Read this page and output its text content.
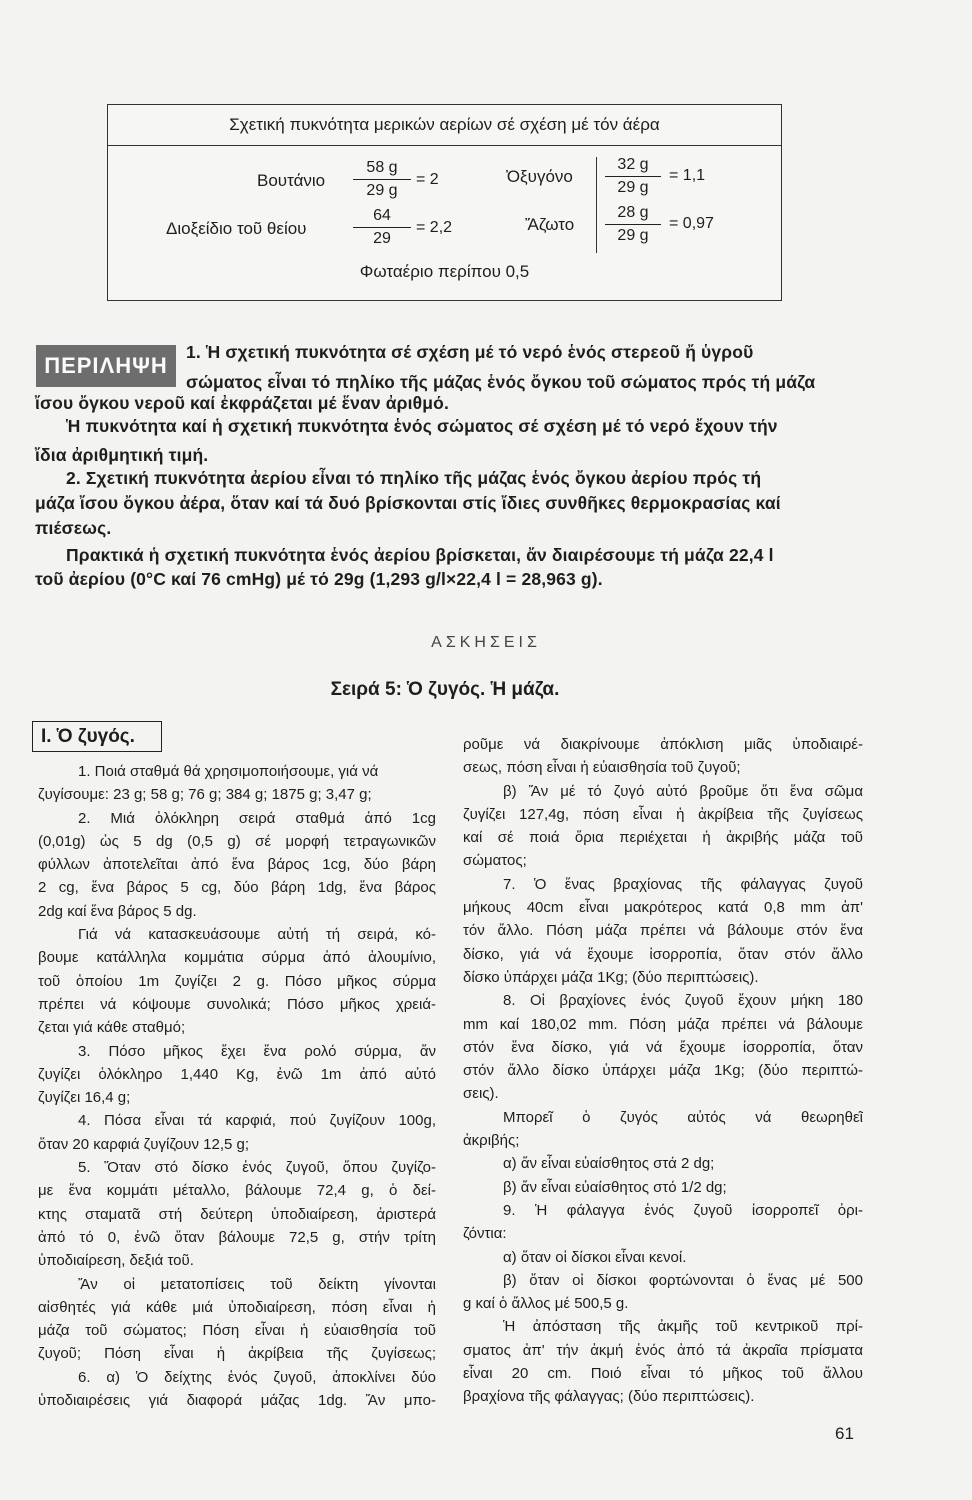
Σχετική πυκνότητα μερικών αερίων σέ σχέση μέ τόν άέρα
Βουτάνιο $\frac{58 g}{29 g} = 2$
Διοξείδιο τοῦ θείου	$\frac{64}{29} = 2,2$
Ὀξυγόνο $\frac{32 g}{29 g} = 1,1$
Ἄζωτο $\frac{28 g}{29 g} = 0,97$
Φωταέριο περίπου 0,5
ΠΕΡΙΛΗΨΗ
1. Ἡ σχετική πυκνότητα σέ σχέση μέ τό νερό ἑνός στερεοῦ ἤ ὑγροῦ
σώματος εἶναι τό πηλίκο τῆς μάζας ἑνός ὄγκου τοῦ σώματος πρός τή μάζα
ἴσου ὄγκου νεροῦ καί ἐκφράζεται μέ ἕναν ἀριθμό.
Ἡ πυκνότητα καί ἡ σχετική πυκνότητα ἑνός σώματος σέ σχέση μέ τό νερό ἔχουν τήν
ἴδια ἀριθμητική τιμή.
2. Σχετική πυκνότητα ἀερίου εἶναι τό πηλίκο τῆς μάζας ἑνός ὄγκου ἀερίου πρός τή
μάζα ἴσου ὄγκου ἀέρα, ὅταν καί τά δυό βρίσκονται στίς ἴδιες συνθῆκες θερμοκρασίας καί
πιέσεως.
Πρακτικά ἡ σχετική πυκνότητα ἑνός ἀερίου βρίσκεται, ἄν διαιρέσουμε τή μάζα 22,4 l
τοῦ ἀερίου (0°C καί 76 cmHg) μέ τό 29g (1,293 g/l×22,4 l = 28,963 g).
ΑΣΚΗΣΕΙΣ
Σειρά 5: Ὁ ζυγός. Ἡ μάζα.
Ι. Ὁ ζυγός.
1. Ποιά σταθμά θά χρησιμοποιήσουμε, γιά νά
ζυγίσουμε: 23 g; 58 g; 76 g; 384 g; 1875 g; 3,47 g;
2. Μιά ὁλόκληρη σειρά σταθμά ἀπό 1cg
(0,01g) ὡς 5 dg (0,5 g) σέ μορφή τετραγωνικῶν
φύλλων ἀποτελεῖται ἀπό ἕνα βάρος 1cg, δύο βάρη
2 cg, ἕνα βάρος 5 cg, δύο βάρη 1dg, ἕνα βάρος
2dg καί ἕνα βάρος 5 dg.
Γιά νά κατασκευάσουμε αὐτή τή σειρά, κό-
βουμε κατάλληλα κομμάτια σύρμα ἀπό ἀλουμίνιο,
τοῦ ὁποίου 1m ζυγίζει 2 g. Πόσο μῆκος σύρμα
πρέπει νά κόψουμε συνολικά; Πόσο μῆκος χρειά-
ζεται γιά κάθε σταθμό;
3. Πόσο μῆκος ἔχει ἕνα ρολό σύρμα, ἄν
ζυγίζει ὁλόκληρο 1,440 Kg, ἐνῶ 1m ἀπό αὐτό
ζυγίζει 16,4 g;
4. Πόσα εἶναι τά καρφιά, πού ζυγίζουν 100g,
ὅταν 20 καρφιά ζυγίζουν 12,5 g;
5. Ὅταν στό δίσκο ἑνός ζυγοῦ, ὅπου ζυγίζο-
με ἕνα κομμάτι μέταλλο, βάλουμε 72,4 g, ὁ δεί-
κτης σταματᾶ στή δεύτερη ὑποδιαίρεση, ἀριστερά
ἀπό τό 0, ἐνῶ ὅταν βάλουμε 72,5 g, στήν τρίτη
ὑποδιαίρεση, δεξιά τοῦ.
Ἄν οἱ μετατοπίσεις τοῦ δείκτη γίνονται
αἰσθητές γιά κάθε μιά ὑποδιαίρεση, πόση εἶναι ἡ
μάζα τοῦ σώματος; Πόση εἶναι ἡ εὐαισθησία τοῦ
ζυγοῦ; Πόση εἶναι ἡ ἀκρίβεια τῆς ζυγίσεως;
6. α) Ὁ δείχτης ἑνός ζυγοῦ, ἀποκλίνει δύο
ὑποδιαιρέσεις γιά διαφορά μάζας 1dg. Ἄν μπο-
ροῦμε νά διακρίνουμε ἀπόκλιση μιᾶς ὑποδιαιρέ-
σεως, πόση εἶναι ἡ εὐαισθησία τοῦ ζυγοῦ;
β) Ἄν μέ τό ζυγό αὐτό βροῦμε ὅτι ἕνα σῶμα
ζυγίζει 127,4g, πόση εἶναι ἡ ἀκρίβεια τῆς ζυγίσεως
καί σέ ποιά ὅρια περιέχεται ἡ ἀκριβής μάζα τοῦ
σώματος;
7. Ὁ ἕνας βραχίονας τῆς φάλαγγας ζυγοῦ
μήκους 40cm εἶναι μακρότερος κατά 0,8 mm ἀπ'
τόν ἄλλο. Πόση μάζα πρέπει νά βάλουμε στόν ἕνα
δίσκο, γιά νά ἔχουμε ἰσορροπία, ὅταν στόν ἄλλο
δίσκο ὑπάρχει μάζα 1Kg; (δύο περιπτώσεις).
8. Οἱ βραχίονες ἑνός ζυγοῦ ἔχουν μήκη 180
mm καί 180,02 mm. Πόση μάζα πρέπει νά βάλουμε
στόν ἕνα δίσκο, γιά νά ἔχουμε ἰσορροπία, ὅταν
στόν ἄλλο δίσκο ὑπάρχει μάζα 1Kg; (δύο περιπτώ-
σεις).
Μπορεῖ ὁ ζυγός αὐτός νά θεωρηθεῖ
ἀκριβής;
α) ἄν εἶναι εὐαίσθητος στά 2 dg;
β) ἄν εἶναι εὐαίσθητος στό 1/2 dg;
9. Ἡ φάλαγγα ἑνός ζυγοῦ ἰσορροπεῖ ὁρι-
ζόντια:
α) ὅταν οἱ δίσκοι εἶναι κενοί.
β) ὅταν οἱ δίσκοι φορτώνονται ὁ ἕνας μέ 500
g καί ὁ ἄλλος μέ 500,5 g.
Ἡ ἀπόσταση τῆς ἀκμῆς τοῦ κεντρικοῦ πρί-
σματος ἀπ' τήν ἀκμή ἑνός ἀπό τά ἀκραῖα πρίσματα
εἶναι 20 cm. Ποιό εἶναι τό μῆκος τοῦ ἄλλου
βραχίονα τῆς φάλαγγας; (δύο περιπτώσεις).
61
